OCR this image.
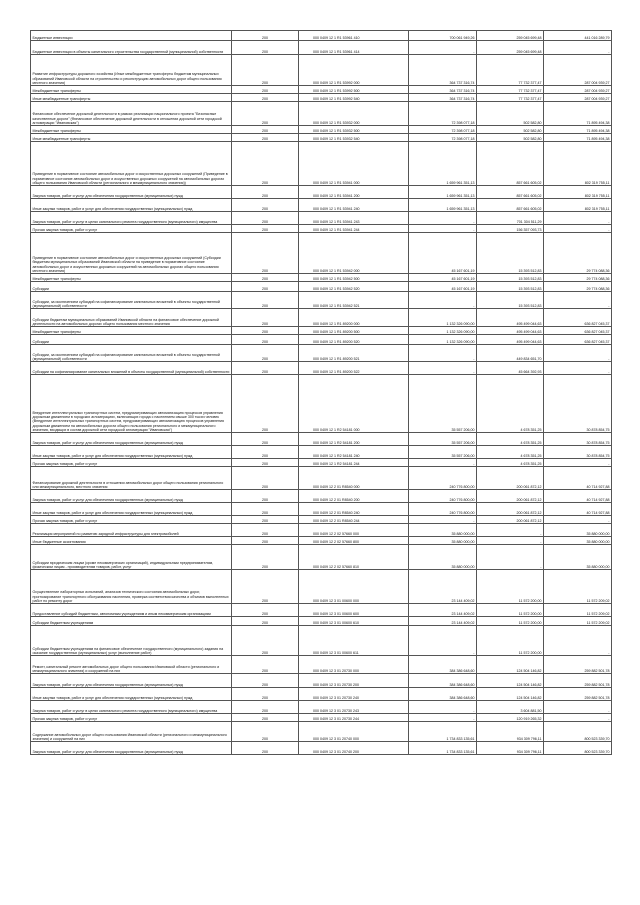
Бюджетные инвестиции	200	000 0409 12 1 R1 53961 410	700 061 949,26	259 045 699,48	441 016 289,79
Бюджетные инвестиции в объекты капитального строительства государственной (муниципальной) собственности	200	000 0409 12 1 R1 53961 414	-	259 045 699,48	-
Развитие инфраструктуры дорожного хозяйства (Иные межбюджетные трансферты бюджетам муниципальных образований Ивановской области на строительство и реконструкцию автомобильных дорог общего пользования местного значения)	200	000 0409 12 1 R1 53992 000	364 737 316,74	77 732 377,47	287 004 939,27
Межбюджетные трансферты	200	000 0409 12 1 R1 53992 500	364 737 316,74	77 732 377,47	287 004 939,27
Иные межбюджетные трансферты	200	000 0409 12 1 R1 53992 540	364 737 316,74	77 732 377,47	287 004 939,27
Финансовое обеспечение дорожной деятельности в рамках реализации национального проекта "Безопасные качественные дороги" (Финансовое обеспечение дорожной деятельности в отношении дорожной сети городской агломерации "Ивановская")	200	000 0409 12 1 R1 53932 000	72 398 077,18	502 582,80	71 895 494,38
Межбюджетные трансферты	200	000 0409 12 1 R1 53932 500	72 398 077,18	502 582,80	71 895 494,38
Иные межбюджетные трансферты	200	000 0409 12 1 R1 53932 540	72 398 077,18	502 582,80	71 895 494,38
Приведение в нормативное состояние автомобильных дорог и искусственных дорожных сооружений (Приведение в нормативное состояние автомобильных дорог и искусственных дорожных сооружений на автомобильных дорогах общего пользования Ивановской области (регионального и межмуниципального значения))	200	000 0409 12 1 R1 53941 000	1 659 961 351,13	857 661 605,02	802 319 755,11
Закупка товаров, работ и услуг для обеспечения государственных (муниципальных) нужд	200	000 0409 12 1 R1 53941 200	1 659 961 351,13	857 661 605,02	802 319 755,11
Иные закупки товаров, работ и услуг для обеспечения государственных (муниципальных) нужд	200	000 0409 12 1 R1 53941 240	1 659 961 351,13	857 661 605,02	802 319 755,11
Закупка товаров, работ и услуг в целях капитального ремонта государственного (муниципального) имущества	200	000 0409 12 1 R1 53941 243	-	701 304 511,29	-
Прочая закупка товаров, работ и услуг	200	000 0409 12 1 R1 53941 244	-	156 357 093,73	-
Приведение в нормативное состояние автомобильных дорог и искусственных дорожных сооружений (Субсидии бюджетам муниципальных образований Ивановской области на приведение в нормативное состояние автомобильных дорог и искусственных дорожных сооружений на автомобильных дорогах общего пользования местного значения)	200	000 0409 12 1 R1 53942 000	45 167 601,19	15 393 512,83	29 774 088,36
Межбюджетные трансферты	200	000 0409 12 1 R1 53942 500	45 167 601,19	15 393 512,83	29 774 088,36
Субсидии	200	000 0409 12 1 R1 53942 520	45 167 601,19	15 393 512,83	29 774 088,36
Субсидии, за исключением субсидий на софинансирование капитальных вложений в объекты государственной (муниципальной) собственности	200	000 0409 12 1 R1 53942 521	-	15 393 512,83	-
Субсидии бюджетам муниципальных образований Ивановской области на финансовое обеспечение дорожной деятельности на автомобильных дорогах общего пользования местного значения	200	000 0409 12 1 R1 89200 000	1 132 326 090,00	495 499 044,63	636 827 045,37
Межбюджетные трансферты	200	000 0409 12 1 R1 89200 500	1 132 326 090,00	495 499 044,63	636 827 045,37
Субсидии	200	000 0409 12 1 R1 89200 520	1 132 326 090,00	495 499 044,63	636 827 045,37
Субсидии, за исключением субсидий на софинансирование капитальных вложений в объекты государственной (муниципальной) собственности	200	000 0409 12 1 R1 89200 521	-	449 834 651,70	-
Субсидии на софинансирование капитальных вложений в объекты государственной (муниципальной) собственности	200	000 0409 12 1 R1 89200 522	-	45 664 392,93	-
Внедрение интеллектуальных транспортных систем, предусматривающих автоматизацию процессов управления дорожным движением в городских агломерациях, включающих города с населением свыше 300 тысяч человек (Внедрение интеллектуальных транспортных систем, предусматривающих автоматизацию процессов управления дорожным движением на автомобильных дорогах общего пользования регионального и межмуниципального значения, входящих в состав дорожной сети городской агломерации "Ивановская")	200	000 0409 12 1 R2 54181 000	35 557 206,00	4 678 351,25	30 878 854,75
Закупка товаров, работ и услуг для обеспечения государственных (муниципальных) нужд	200	000 0409 12 1 R2 54181 200	35 557 206,00	4 678 351,25	30 878 854,75
Иные закупки товаров, работ и услуг для обеспечения государственных (муниципальных) нужд	200	000 0409 12 1 R2 54181 240	35 557 206,00	4 678 351,25	30 878 854,75
Прочая закупка товаров, работ и услуг	200	000 0409 12 1 R2 54181 244	-	4 678 351,25	-
Финансирование дорожной деятельности в отношении автомобильных дорог общего пользования регионального или межмуниципального, местного значения	200	000 0409 12 2 01 R8540 000	240 776 800,00	200 061 872,12	40 714 927,88
Закупка товаров, работ и услуг для обеспечения государственных (муниципальных) нужд	200	000 0409 12 2 01 R8540 200	240 776 800,00	200 061 872,12	40 714 927,88
Иные закупки товаров, работ и услуг для обеспечения государственных (муниципальных) нужд	200	000 0409 12 2 01 R8540 240	240 776 800,00	200 061 872,12	40 714 927,88
Прочая закупка товаров, работ и услуг	200	000 0409 12 2 01 R8540 244	-	200 061 872,12	-
Реализация мероприятий по развитию зарядной инфраструктуры для электромобилей	200	000 0409 12 2 02 57660 000	35 880 000,00	-	35 880 000,00
Иные бюджетные ассигнования	200	000 0409 12 2 02 57660 800	35 880 000,00	-	35 880 000,00
Субсидии юридическим лицам (кроме некоммерческих организаций), индивидуальным предпринимателям, физическим лицам - производителям товаров, работ, услуг	200	000 0409 12 2 02 57660 810	35 880 000,00	-	35 880 000,00
Осуществление лабораторных испытаний, анализов технического состояния автомобильных дорог, прогнозирование транспортного обслуживания населения, проверка соответствия качества и объемов выполненных работ по ремонту дорог	200	000 0409 12 3 01 00600 000	23 144 409,02	11 572 200,00	11 572 209,02
Предоставление субсидий бюджетным, автономным учреждениям и иным некоммерческим организациям	200	000 0409 12 3 01 00600 600	23 144 409,02	11 572 200,00	11 572 209,02
Субсидии бюджетным учреждениям	200	000 0409 12 3 01 00600 610	23 144 409,02	11 572 200,00	11 572 209,02
Субсидии бюджетным учреждениям на финансовое обеспечение государственного (муниципального) задания на оказание государственных (муниципальных) услуг (выполнение работ)	200	000 0409 12 3 01 00600 611	-	11 572 200,00	-
Ремонт, капитальный ремонт автомобильных дорог общего пользования Ивановской области (регионального и межмуниципального значения) и сооружений на них	200	000 0409 12 3 01 20730 000	384 386 648,60	124 504 146,82	259 882 501,78
Закупка товаров, работ и услуг для обеспечения государственных (муниципальных) нужд	200	000 0409 12 3 01 20730 200	384 386 648,60	124 504 146,82	259 882 501,78
Иные закупки товаров, работ и услуг для обеспечения государственных (муниципальных) нужд	200	000 0409 12 3 01 20730 240	384 386 648,60	124 504 146,82	259 882 501,78
Закупка товаров, работ и услуг в целях капитального ремонта государственного (муниципального) имущества	200	000 0409 12 3 01 20730 243	-	3 604 881,50	-
Прочая закупка товаров, работ и услуг	200	000 0409 12 3 01 20730 244	-	120 919 265,32	-
Содержание автомобильных дорог общего пользования Ивановской области (регионального и межмуниципального значения) и сооружений на них	200	000 0409 12 3 01 20740 000	1 734 833 135,61	934 309 796,11	800 523 339,70
Закупка товаров, работ и услуг для обеспечения государственных (муниципальных) нужд	200	000 0409 12 3 01 20740 200	1 734 833 135,61	934 309 796,11	800 523 339,70
